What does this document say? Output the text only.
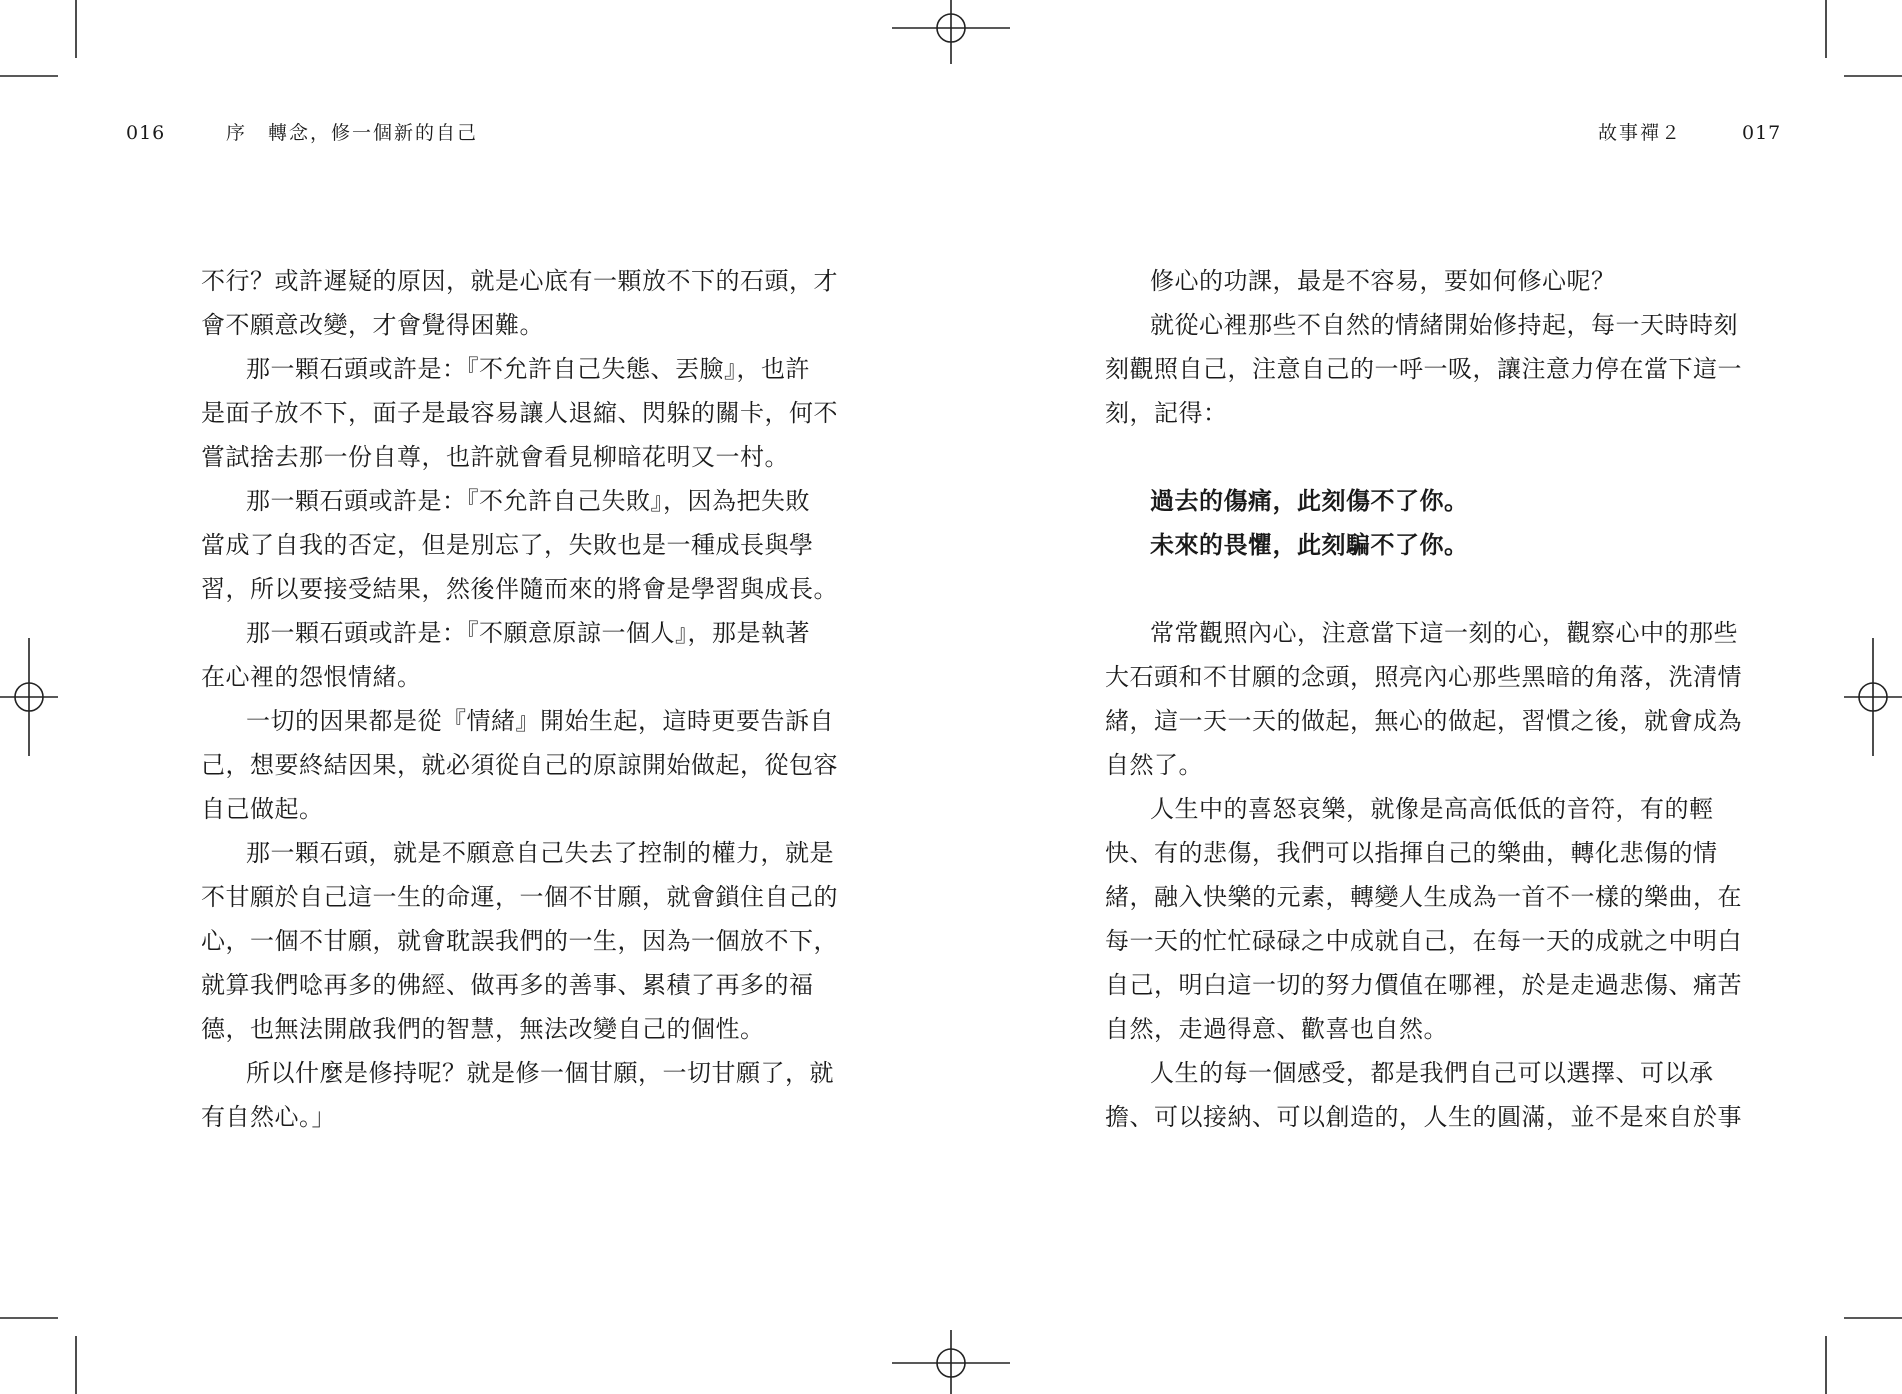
016	序　轉念，修一個新的自己	故事禪２	017

不行？或許遲疑的原因，就是心底有一顆放不下的石頭，才

會不願意改變，才會覺得困難。

那一顆石頭或許是：『不允許自己失態、丟臉』，也許

是面子放不下，面子是最容易讓人退縮、閃躲的關卡，何不

嘗試捨去那一份自尊，也許就會看見柳暗花明又一村。

那一顆石頭或許是：『不允許自己失敗』，因為把失敗

當成了自我的否定，但是別忘了，失敗也是一種成長與學

習，所以要接受結果，然後伴隨而來的將會是學習與成長。

那一顆石頭或許是：『不願意原諒一個人』，那是執著

在心裡的怨恨情緒。

一切的因果都是從『情緒』開始生起，這時更要告訴自

己，想要終結因果，就必須從自己的原諒開始做起，從包容

自己做起。

那一顆石頭，就是不願意自己失去了控制的權力，就是

不甘願於自己這一生的命運，一個不甘願，就會鎖住自己的

心，一個不甘願，就會耽誤我們的一生，因為一個放不下，

就算我們唸再多的佛經、做再多的善事、累積了再多的福

德，也無法開啟我們的智慧，無法改變自己的個性。

所以什麼是修持呢？就是修一個甘願，一切甘願了，就

有自然心。」

修心的功課，最是不容易，要如何修心呢？

就從心裡那些不自然的情緒開始修持起，每一天時時刻

刻觀照自己，注意自己的一呼一吸，讓注意力停在當下這一

刻，記得：

過去的傷痛，此刻傷不了你。

未來的畏懼，此刻騙不了你。

常常觀照內心，注意當下這一刻的心，觀察心中的那些

大石頭和不甘願的念頭，照亮內心那些黑暗的角落，洗清情

緒，這一天一天的做起，無心的做起，習慣之後，就會成為

自然了。

人生中的喜怒哀樂，就像是高高低低的音符，有的輕

快、有的悲傷，我們可以指揮自己的樂曲，轉化悲傷的情

緒，融入快樂的元素，轉變人生成為一首不一樣的樂曲，在

每一天的忙忙碌碌之中成就自己，在每一天的成就之中明白

自己，明白這一切的努力價值在哪裡，於是走過悲傷、痛苦

自然，走過得意、歡喜也自然。

人生的每一個感受，都是我們自己可以選擇、可以承

擔、可以接納、可以創造的，人生的圓滿，並不是來自於事
